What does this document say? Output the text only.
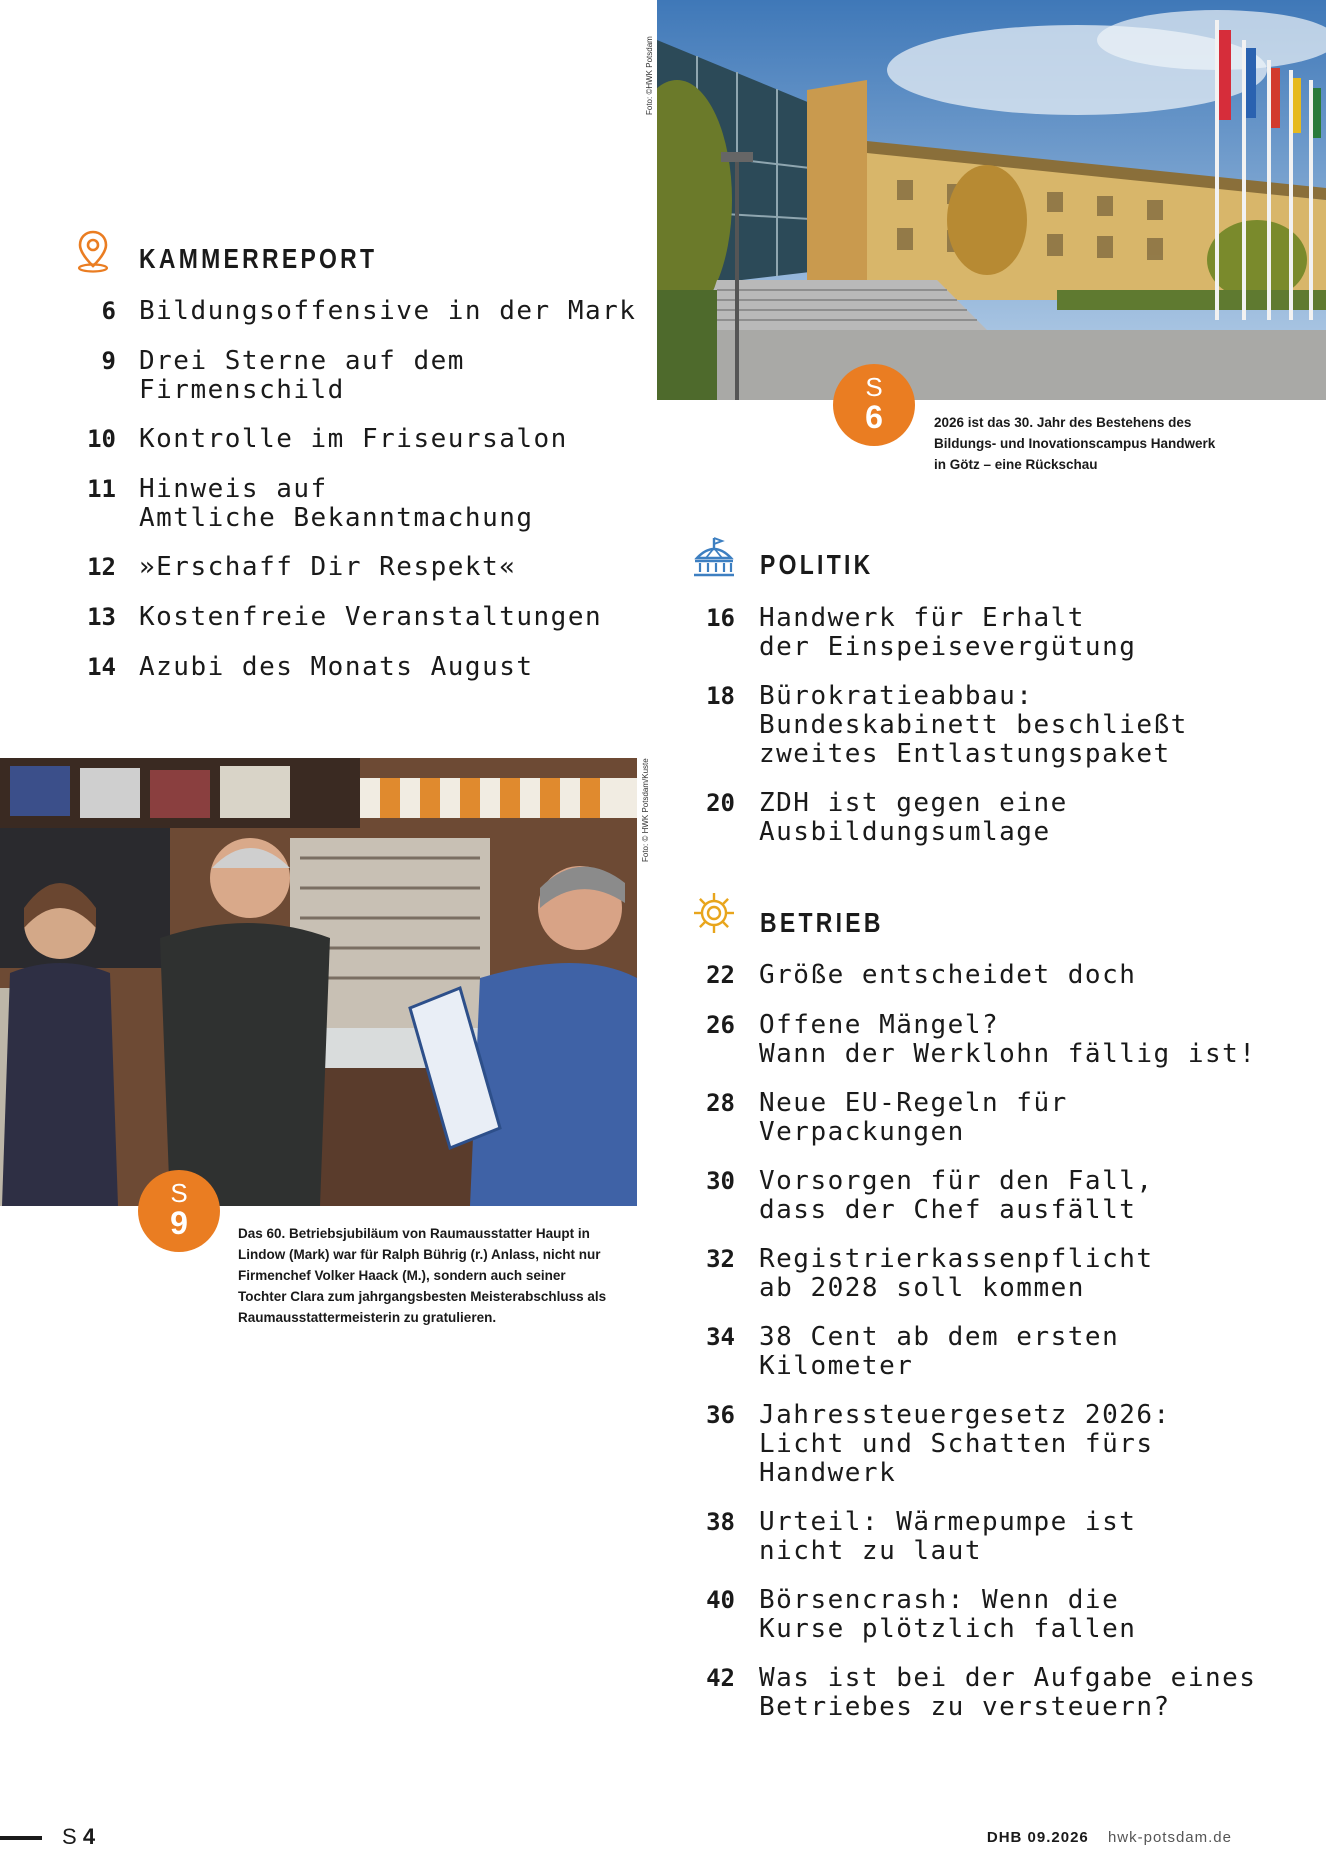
Foto: ©HWK Potsdam
S
6	2026 ist das 30. Jahr des Bestehens des
Bildungs- und Inovationscampus Handwerk
in Götz – eine Rückschau
KAMMERREPORT
6 Bildungsoffensive in der Mark
9 Drei Sterne auf dem
Firmenschild
10 Kontrolle im Friseursalon
11 Hinweis auf
Amtliche Bekanntmachung
12 »Erschaff Dir Respekt«
13 Kostenfreie Veranstaltungen
14 Azubi des Monats August
Foto: © HWK Potsdam/Kuste
S
9	Das 60. Betriebsjubiläum von Raumausstatter Haupt in
Lindow (Mark) war für Ralph Bührig (r.) Anlass, nicht nur
Firmenchef Volker Haack (M.), sondern auch seiner
Tochter Clara zum jahrgangsbesten Meisterabschluss als
Raumausstattermeisterin zu gratulieren.
POLITIK
16 Handwerk für Erhalt
der Einspeisevergütung
18 Bürokratieabbau:
Bundeskabinett beschließt
zweites Entlastungspaket
20 ZDH ist gegen eine
Ausbildungsumlage
BETRIEB
22 Größe entscheidet doch
26 Offene Mängel?
Wann der Werklohn fällig ist!
28 Neue EU-Regeln für
Verpackungen
30 Vorsorgen für den Fall,
dass der Chef ausfällt
32 Registrierkassenpflicht
ab 2028 soll kommen
34 38 Cent ab dem ersten
Kilometer
36 Jahressteuergesetz 2026:
Licht und Schatten fürs
Handwerk
38 Urteil: Wärmepumpe ist
nicht zu laut
40 Börsencrash: Wenn die
Kurse plötzlich fallen
42 Was ist bei der Aufgabe eines
Betriebes zu versteuern?
S 4	DHB 09.2026 hwk-potsdam.de
